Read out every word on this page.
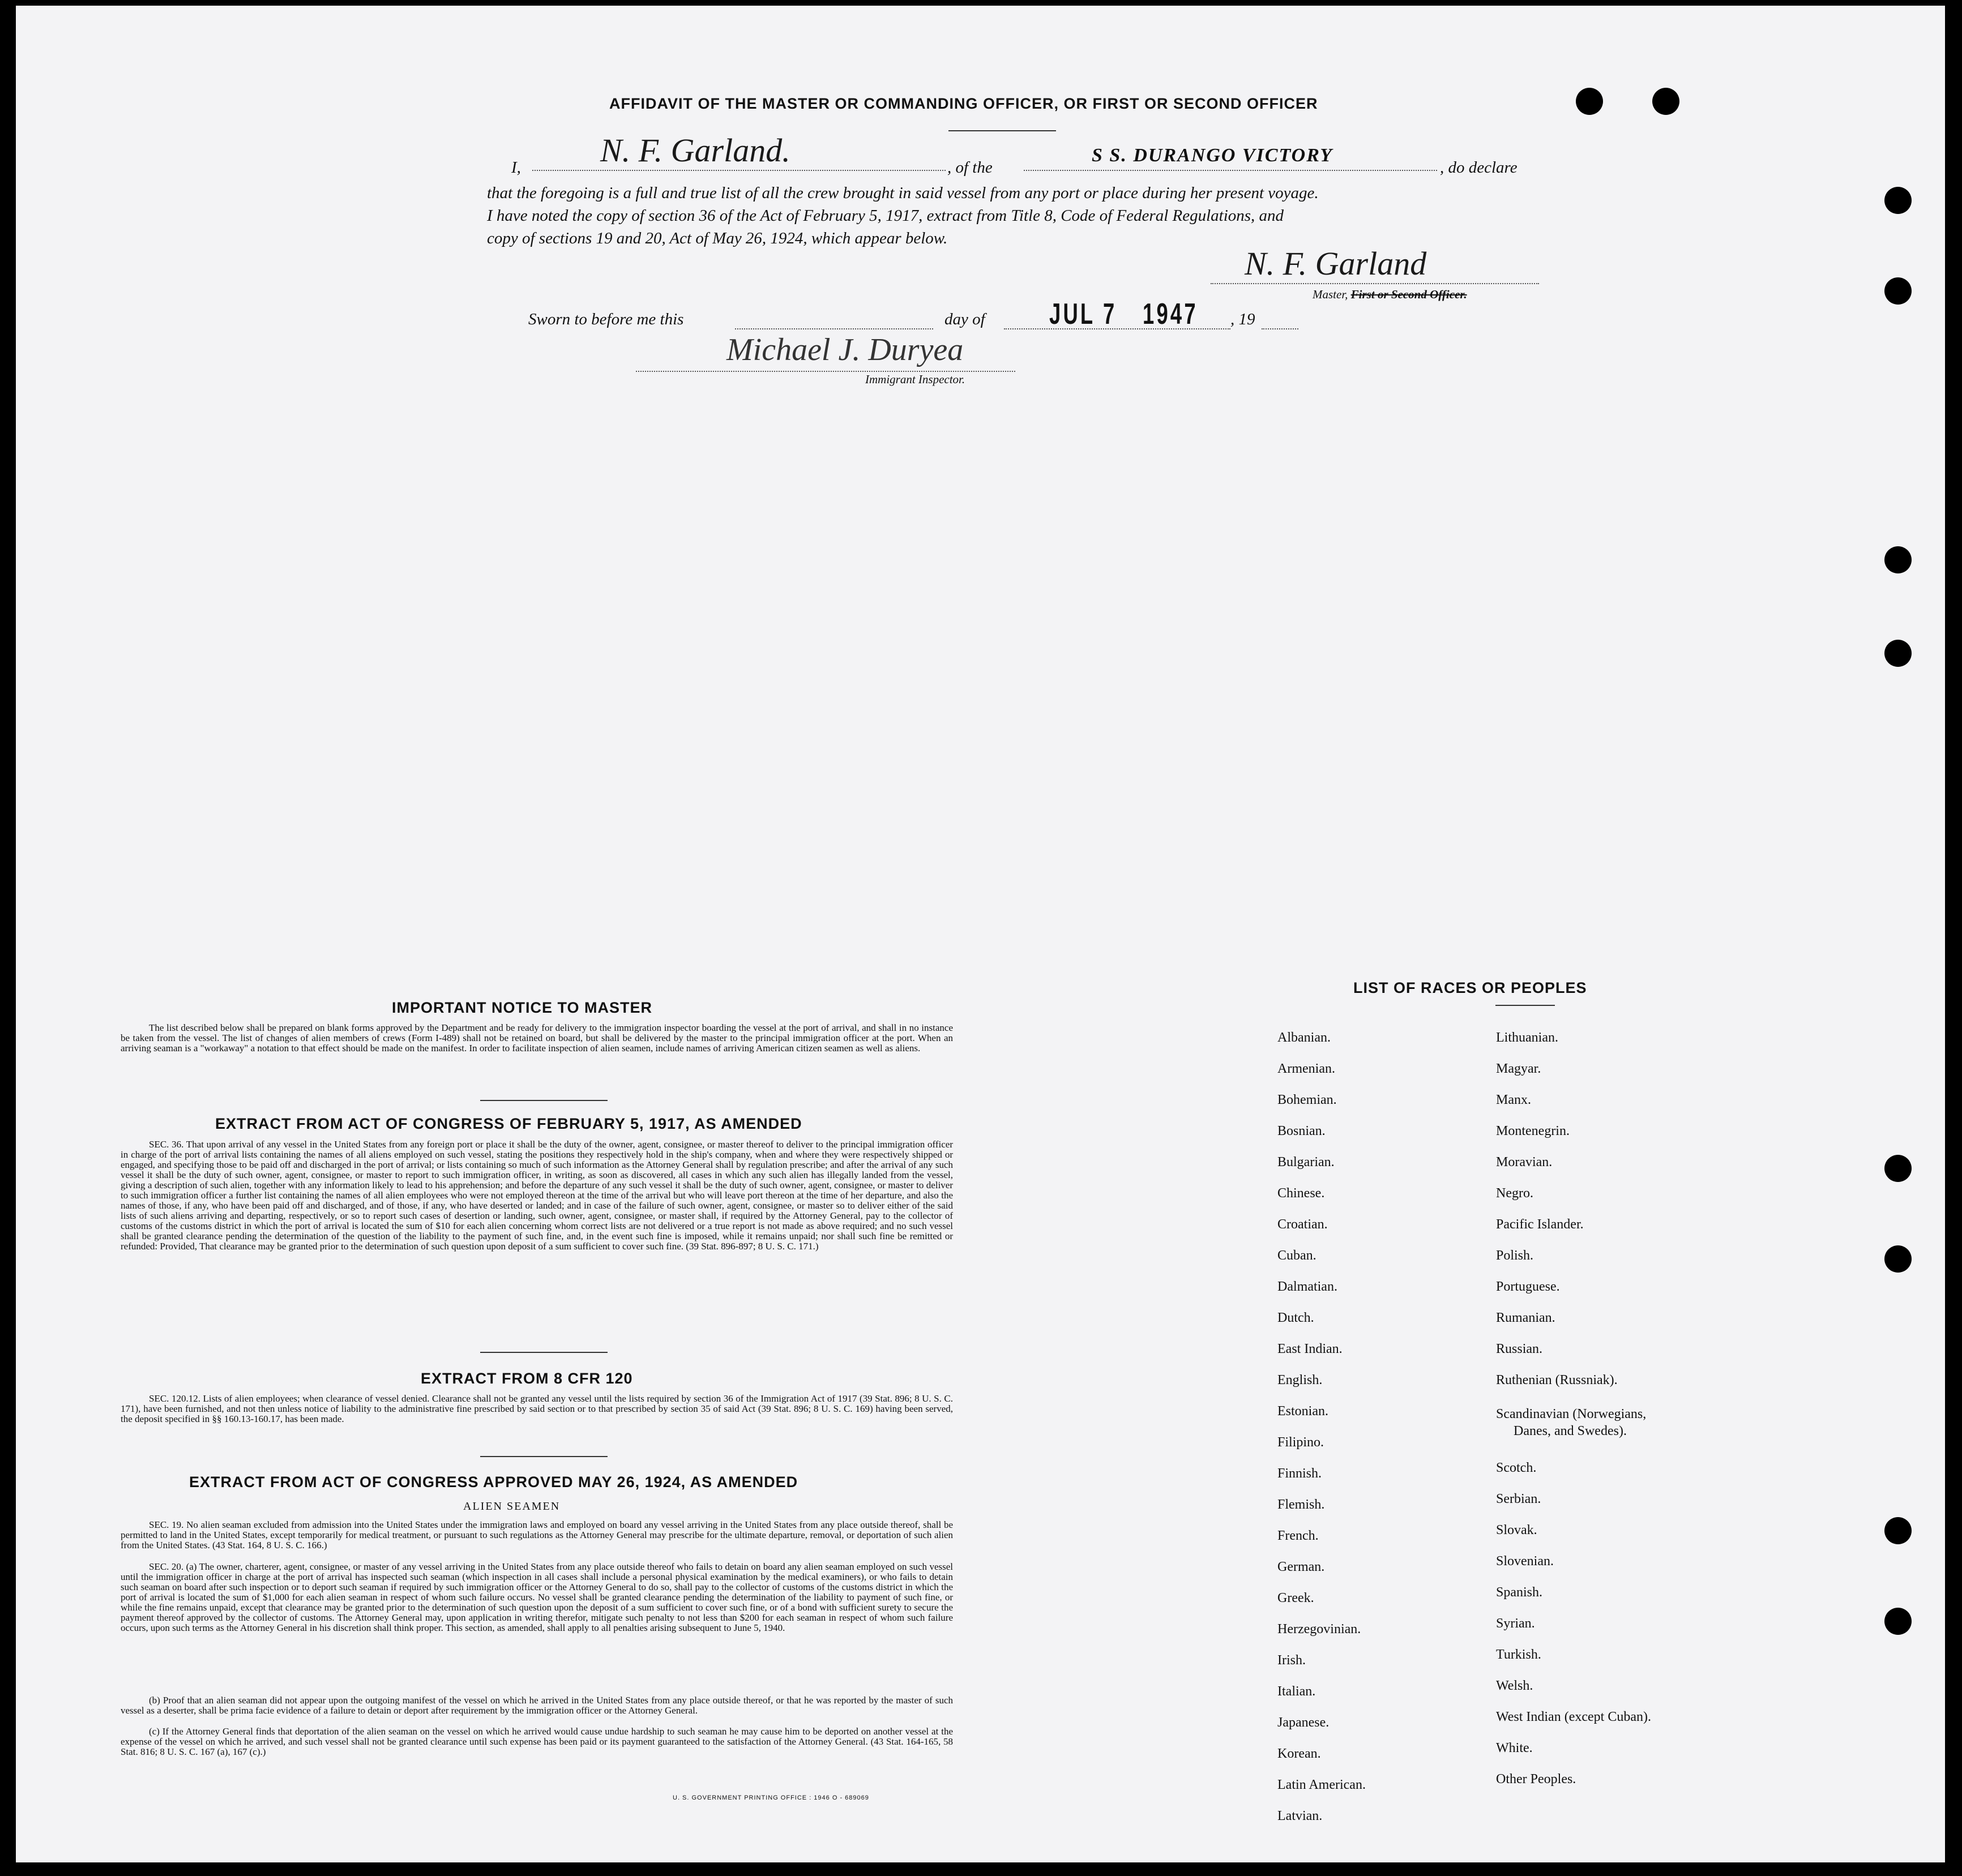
AFFIDAVIT OF THE MASTER OR COMMANDING OFFICER, OR FIRST OR SECOND OFFICER
I, N. F. Garland.	, of the
S S. DURANGO VICTORY
, do declare
that the foregoing is a full and true list of all the crew brought in said vessel from any port or place during her present voyage.
I have noted the copy of section 36 of the Act of February 5, 1917, extract from Title 8, Code of Federal Regulations, and
copy of sections 19 and 20, Act of May 26, 1924, which appear below.
N. F. Garland
Master, First or Second Officer.
Sworn to before me this	day of JUL 7 1947 , 19
Michael J. Duryea
Immigrant Inspector.
IMPORTANT NOTICE TO MASTER
The list described below shall be prepared on blank forms approved by the Department and be ready for delivery to the immigration inspector boarding the vessel at the port of arrival, and shall in no instance be taken from the vessel. The list of changes of alien members of crews (Form I-489) shall not be retained on board, but shall be delivered by the master to the principal immigration officer at the port. When an arriving seaman is a "workaway" a notation to that effect should be made on the manifest. In order to facilitate inspection of alien seamen, include names of arriving American citizen seamen as well as aliens.
EXTRACT FROM ACT OF CONGRESS OF FEBRUARY 5, 1917, AS AMENDED
SEC. 36. That upon arrival of any vessel in the United States from any foreign port or place it shall be the duty of the owner, agent, consignee, or master thereof to deliver to the principal immigration officer in charge of the port of arrival lists containing the names of all aliens employed on such vessel, stating the positions they respectively hold in the ship's company, when and where they were respectively shipped or engaged, and specifying those to be paid off and discharged in the port of arrival; or lists containing so much of such information as the Attorney General shall by regulation prescribe; and after the arrival of any such vessel it shall be the duty of such owner, agent, consignee, or master to report to such immigration officer, in writing, as soon as discovered, all cases in which any such alien has illegally landed from the vessel, giving a description of such alien, together with any information likely to lead to his apprehension; and before the departure of any such vessel it shall be the duty of such owner, agent, consignee, or master to deliver to such immigration officer a further list containing the names of all alien employees who were not employed thereon at the time of the arrival but who will leave port thereon at the time of her departure, and also the names of those, if any, who have been paid off and discharged, and of those, if any, who have deserted or landed; and in case of the failure of such owner, agent, consignee, or master so to deliver either of the said lists of such aliens arriving and departing, respectively, or so to report such cases of desertion or landing, such owner, agent, consignee, or master shall, if required by the Attorney General, pay to the collector of customs of the customs district in which the port of arrival is located the sum of $10 for each alien concerning whom correct lists are not delivered or a true report is not made as above required; and no such vessel shall be granted clearance pending the determination of the question of the liability to the payment of such fine, and, in the event such fine is imposed, while it remains unpaid; nor shall such fine be remitted or refunded: Provided, That clearance may be granted prior to the determination of such question upon deposit of a sum sufficient to cover such fine. (39 Stat. 896-897; 8 U. S. C. 171.)
EXTRACT FROM 8 CFR 120
SEC. 120.12. Lists of alien employees; when clearance of vessel denied. Clearance shall not be granted any vessel until the lists required by section 36 of the Immigration Act of 1917 (39 Stat. 896; 8 U. S. C. 171), have been furnished, and not then unless notice of liability to the administrative fine prescribed by said section or to that prescribed by section 35 of said Act (39 Stat. 896; 8 U. S. C. 169) having been served, the deposit specified in §§ 160.13-160.17, has been made.
EXTRACT FROM ACT OF CONGRESS APPROVED MAY 26, 1924, AS AMENDED
ALIEN SEAMEN
SEC. 19. No alien seaman excluded from admission into the United States under the immigration laws and employed on board any vessel arriving in the United States from any place outside thereof, shall be permitted to land in the United States, except temporarily for medical treatment, or pursuant to such regulations as the Attorney General may prescribe for the ultimate departure, removal, or deportation of such alien from the United States. (43 Stat. 164, 8 U. S. C. 166.)
SEC. 20. (a) The owner, charterer, agent, consignee, or master of any vessel arriving in the United States from any place outside thereof who fails to detain on board any alien seaman employed on such vessel until the immigration officer in charge at the port of arrival has inspected such seaman (which inspection in all cases shall include a personal physical examination by the medical examiners), or who fails to detain such seaman on board after such inspection or to deport such seaman if required by such immigration officer or the Attorney General to do so, shall pay to the collector of customs of the customs district in which the port of arrival is located the sum of $1,000 for each alien seaman in respect of whom such failure occurs. No vessel shall be granted clearance pending the determination of the liability to payment of such fine, or while the fine remains unpaid, except that clearance may be granted prior to the determination of such question upon the deposit of a sum sufficient to cover such fine, or of a bond with sufficient surety to secure the payment thereof approved by the collector of customs. The Attorney General may, upon application in writing therefor, mitigate such penalty to not less than $200 for each seaman in respect of whom such failure occurs, upon such terms as the Attorney General in his discretion shall think proper. This section, as amended, shall apply to all penalties arising subsequent to June 5, 1940.
(b) Proof that an alien seaman did not appear upon the outgoing manifest of the vessel on which he arrived in the United States from any place outside thereof, or that he was reported by the master of such vessel as a deserter, shall be prima facie evidence of a failure to detain or deport after requirement by the immigration officer or the Attorney General.
(c) If the Attorney General finds that deportation of the alien seaman on the vessel on which he arrived would cause undue hardship to such seaman he may cause him to be deported on another vessel at the expense of the vessel on which he arrived, and such vessel shall not be granted clearance until such expense has been paid or its payment guaranteed to the satisfaction of the Attorney General. (43 Stat. 164-165, 58 Stat. 816; 8 U. S. C. 167 (a), 167 (c).)
U. S. GOVERNMENT PRINTING OFFICE : 1946 O - 689069
LIST OF RACES OR PEOPLES
Albanian.
Armenian.
Bohemian.
Bosnian.
Bulgarian.
Chinese.
Croatian.
Cuban.
Dalmatian.
Dutch.
East Indian.
English.
Estonian.
Filipino.
Finnish.
Flemish.
French.
German.
Greek.
Herzegovinian.
Irish.
Italian.
Japanese.
Korean.
Latin American.
Latvian.
Lithuanian.
Magyar.
Manx.
Montenegrin.
Moravian.
Negro.
Pacific Islander.
Polish.
Portuguese.
Rumanian.
Russian.
Ruthenian (Russniak).
Scandinavian (Norwegians,
Danes, and Swedes).
Scotch.
Serbian.
Slovak.
Slovenian.
Spanish.
Syrian.
Turkish.
Welsh.
West Indian (except Cuban).
White.
Other Peoples.
